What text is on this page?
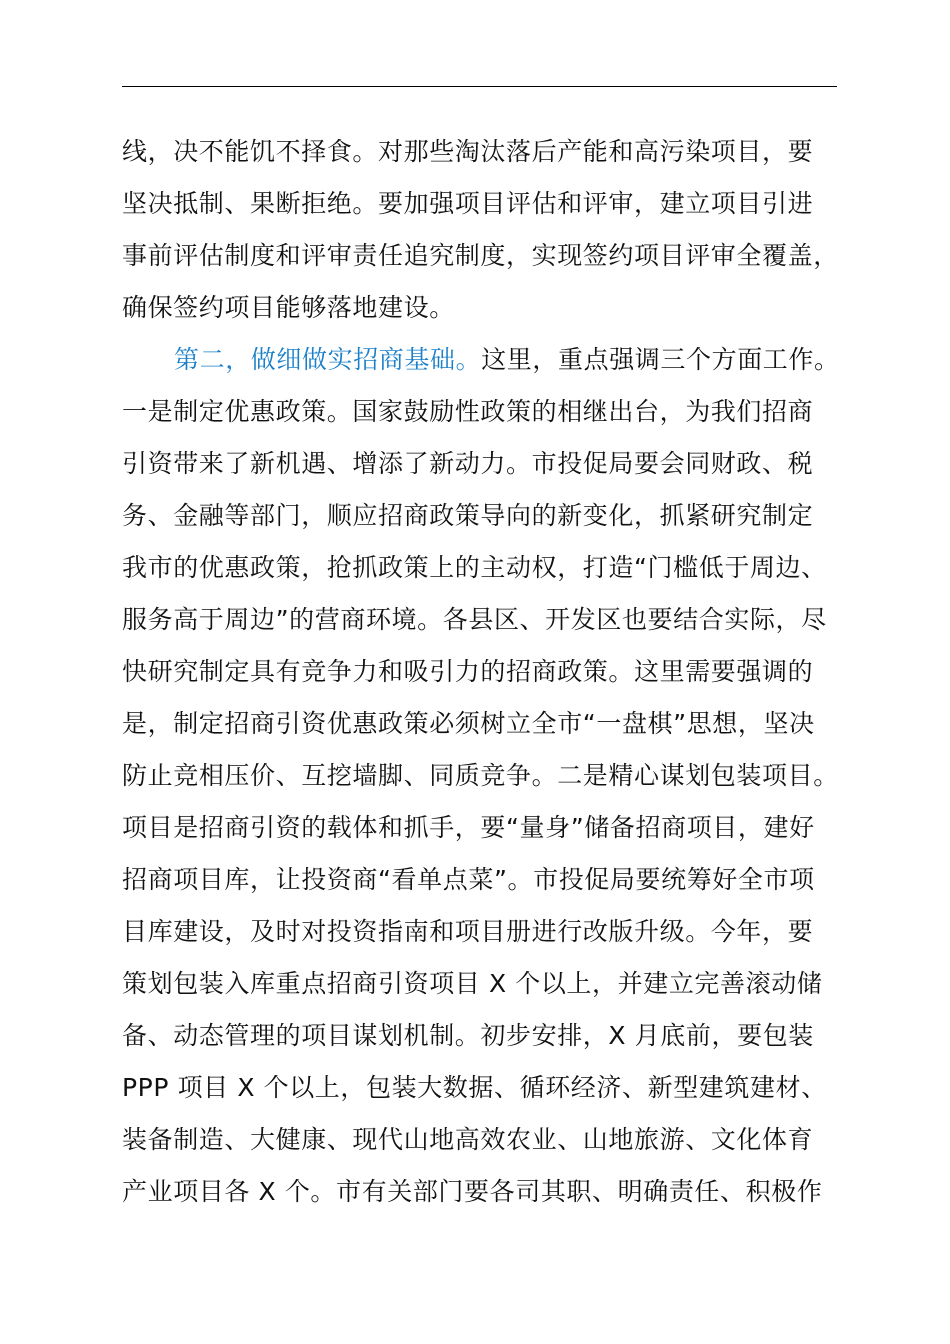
线，决不能饥不择食。对那些淘汰落后产能和高污染项目，要
坚决抵制、果断拒绝。要加强项目评估和评审，建立项目引进
事前评估制度和评审责任追究制度，实现签约项目评审全覆盖，
确保签约项目能够落地建设。
第二，做细做实招商基础。这里，重点强调三个方面工作。
一是制定优惠政策。国家鼓励性政策的相继出台，为我们招商
引资带来了新机遇、增添了新动力。市投促局要会同财政、税
务、金融等部门，顺应招商政策导向的新变化，抓紧研究制定
我市的优惠政策，抢抓政策上的主动权，打造“门槛低于周边、
服务高于周边”的营商环境。各县区、开发区也要结合实际，尽
快研究制定具有竞争力和吸引力的招商政策。这里需要强调的
是，制定招商引资优惠政策必须树立全市“一盘棋”思想，坚决
防止竞相压价、互挖墙脚、同质竞争。二是精心谋划包装项目。
项目是招商引资的载体和抓手，要“量身”储备招商项目，建好
招商项目库，让投资商“看单点菜”。市投促局要统筹好全市项
目库建设，及时对投资指南和项目册进行改版升级。今年，要
策划包装入库重点招商引资项目 X 个以上，并建立完善滚动储
备、动态管理的项目谋划机制。初步安排，X 月底前，要包装
PPP 项目 X 个以上，包装大数据、循环经济、新型建筑建材、
装备制造、大健康、现代山地高效农业、山地旅游、文化体育
产业项目各 X 个。市有关部门要各司其职、明确责任、积极作
